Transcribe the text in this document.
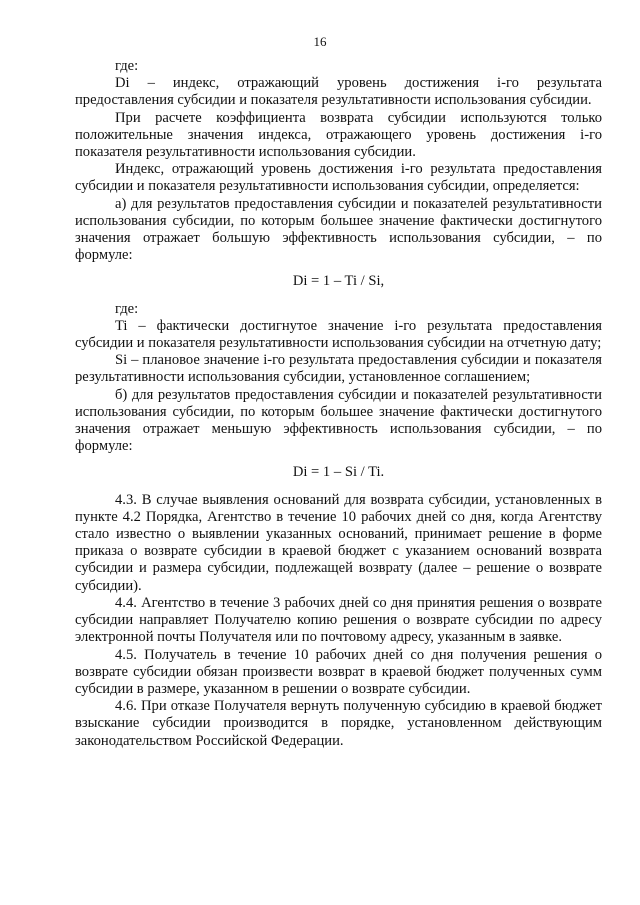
16

где:

Di – индекс, отражающий уровень достижения i-го результата предоставления субсидии и показателя результативности использования субсидии.

При расчете коэффициента возврата субсидии используются только положительные значения индекса, отражающего уровень достижения i-го показателя результативности использования субсидии.

Индекс, отражающий уровень достижения i-го результата предоставления субсидии и показателя результативности использования субсидии, определяется:

а) для результатов предоставления субсидии и показателей результативности использования субсидии, по которым большее значение фактически достигнутого значения отражает большую эффективность использования субсидии, – по формуле:

Di = 1 – Ti / Si,

где:

Ti – фактически достигнутое значение i-го результата предоставления субсидии и показателя результативности использования субсидии на отчетную дату;

Si – плановое значение i-го результата предоставления субсидии и показателя результативности использования субсидии, установленное соглашением;

б) для результатов предоставления субсидии и показателей результативности использования субсидии, по которым большее значение фактически достигнутого значения отражает меньшую эффективность использования субсидии, – по формуле:

Di = 1 – Si / Ti.

4.3. В случае выявления оснований для возврата субсидии, установленных в пункте 4.2 Порядка, Агентство в течение 10 рабочих дней со дня, когда Агентству стало известно о выявлении указанных оснований, принимает решение в форме приказа о возврате субсидии в краевой бюджет с указанием оснований возврата субсидии и размера субсидии, подлежащей возврату (далее – решение о возврате субсидии).

4.4. Агентство в течение 3 рабочих дней со дня принятия решения о возврате субсидии направляет Получателю копию решения о возврате субсидии по адресу электронной почты Получателя или по почтовому адресу, указанным в заявке.

4.5. Получатель в течение 10 рабочих дней со дня получения решения о возврате субсидии обязан произвести возврат в краевой бюджет полученных сумм субсидии в размере, указанном в решении о возврате субсидии.

4.6. При отказе Получателя вернуть полученную субсидию в краевой бюджет взыскание субсидии производится в порядке, установленном действующим законодательством Российской Федерации.
